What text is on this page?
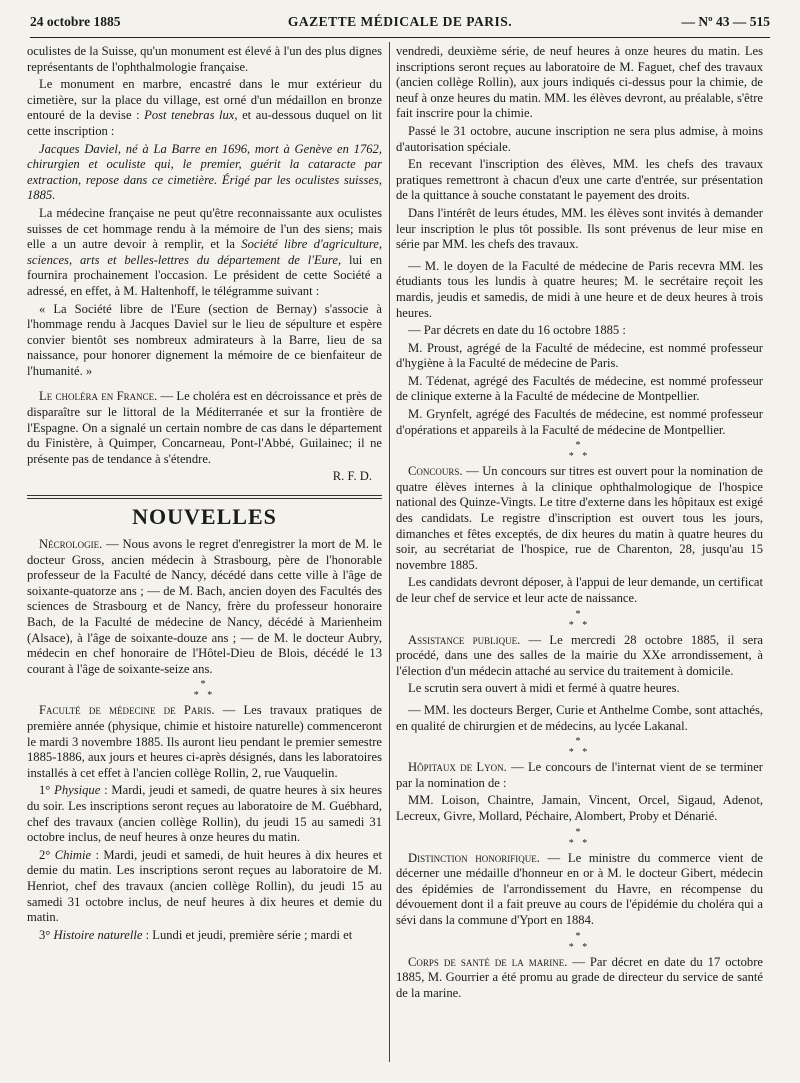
24 octobre 1885	GAZETTE MÉDICALE DE PARIS.	— Nº 43 — 515

oculistes de la Suisse, qu'un monument est élevé à l'un des plus dignes représentants de l'ophthalmologie française.

Le monument en marbre, encastré dans le mur extérieur du cimetière, sur la place du village, est orné d'un médaillon en bronze entouré de la devise : Post tenebras lux, et au-dessous duquel on lit cette inscription :

Jacques Daviel, né à La Barre en 1696, mort à Genève en 1762, chirurgien et oculiste qui, le premier, guérit la cataracte par extraction, repose dans ce cimetière. Érigé par les oculistes suisses, 1885.

La médecine française ne peut qu'être reconnaissante aux oculistes suisses de cet hommage rendu à la mémoire de l'un des siens; mais elle a un autre devoir à remplir, et la Société libre d'agriculture, sciences, arts et belles-lettres du département de l'Eure, lui en fournira prochainement l'occasion. Le président de cette Société a adressé, en effet, à M. Haltenhoff, le télégramme suivant :

« La Société libre de l'Eure (section de Bernay) s'associe à l'hommage rendu à Jacques Daviel sur le lieu de sépulture et espère convier bientôt ses nombreux admirateurs à la Barre, lieu de sa naissance, pour honorer dignement la mémoire de ce bienfaiteur de l'humanité. »

Le choléra en France. — Le choléra est en décroissance et près de disparaître sur le littoral de la Méditerranée et sur la frontière de l'Espagne. On a signalé un certain nombre de cas dans le département du Finistère, à Quimper, Concarneau, Pont-l'Abbé, Guilainec; il ne présente pas de tendance à s'étendre.

R. F. D.
NOUVELLES

Nécrologie. — Nous avons le regret d'enregistrer la mort de M. le docteur Gross, ancien médecin à Strasbourg, père de l'honorable professeur de la Faculté de Nancy, décédé dans cette ville à l'âge de soixante-quatorze ans ; — de M. Bach, ancien doyen des Facultés des sciences de Strasbourg et de Nancy, frère du professeur honoraire Bach, de la Faculté de médecine de Nancy, décédé à Marienheim (Alsace), à l'âge de soixante-douze ans ; — de M. le docteur Aubry, médecin en chef honoraire de l'Hôtel-Dieu de Blois, décédé le 13 courant à l'âge de soixante-seize ans.

*
* *

Faculté de médecine de Paris. — Les travaux pratiques de première année (physique, chimie et histoire naturelle) commenceront le mardi 3 novembre 1885. Ils auront lieu pendant le premier semestre 1885-1886, aux jours et heures ci-après désignés, dans les laboratoires installés à cet effet à l'ancien collège Rollin, 2, rue Vauquelin.

1° Physique : Mardi, jeudi et samedi, de quatre heures à six heures du soir. Les inscriptions seront reçues au laboratoire de M. Guébhard, chef des travaux (ancien collège Rollin), du jeudi 15 au samedi 31 octobre inclus, de neuf heures à onze heures du matin.

2° Chimie : Mardi, jeudi et samedi, de huit heures à dix heures et demie du matin. Les inscriptions seront reçues au laboratoire de M. Henriot, chef des travaux (ancien collège Rollin), du jeudi 15 au samedi 31 octobre inclus, de neuf heures à dix heures et demie du matin.

3° Histoire naturelle : Lundi et jeudi, première série ; mardi et

vendredi, deuxième série, de neuf heures à onze heures du matin. Les inscriptions seront reçues au laboratoire de M. Faguet, chef des travaux (ancien collège Rollin), aux jours indiqués ci-dessus pour la chimie, de neuf à onze heures du matin. MM. les élèves devront, au préalable, s'être fait inscrire pour la chimie.

Passé le 31 octobre, aucune inscription ne sera plus admise, à moins d'autorisation spéciale.

En recevant l'inscription des élèves, MM. les chefs des travaux pratiques remettront à chacun d'eux une carte d'entrée, sur présentation de la quittance à souche constatant le payement des droits.

Dans l'intérêt de leurs études, MM. les élèves sont invités à demander leur inscription le plus tôt possible. Ils sont prévenus de leur mise en série par MM. les chefs des travaux.

— M. le doyen de la Faculté de médecine de Paris recevra MM. les étudiants tous les lundis à quatre heures; M. le secrétaire reçoit les mardis, jeudis et samedis, de midi à une heure et de deux heures à trois heures.

— Par décrets en date du 16 octobre 1885 :

M. Proust, agrégé de la Faculté de médecine, est nommé professeur d'hygiène à la Faculté de médecine de Paris.

M. Tédenat, agrégé des Facultés de médecine, est nommé professeur de clinique externe à la Faculté de médecine de Montpellier.

M. Grynfelt, agrégé des Facultés de médecine, est nommé professeur d'opérations et appareils à la Faculté de médecine de Montpellier.

*
* *

Concours. — Un concours sur titres est ouvert pour la nomination de quatre élèves internes à la clinique ophthalmologique de l'hospice national des Quinze-Vingts. Le titre d'externe dans les hôpitaux est exigé des candidats. Le registre d'inscription est ouvert tous les jours, dimanches et fêtes exceptés, de dix heures du matin à quatre heures du soir, au secrétariat de l'hospice, rue de Charenton, 28, jusqu'au 15 novembre 1885.

Les candidats devront déposer, à l'appui de leur demande, un certificat de leur chef de service et leur acte de naissance.

*
* *

Assistance publique. — Le mercredi 28 octobre 1885, il sera procédé, dans une des salles de la mairie du XXe arrondissement, à l'élection d'un médecin attaché au service du traitement à domicile.

Le scrutin sera ouvert à midi et fermé à quatre heures.

— MM. les docteurs Berger, Curie et Anthelme Combe, sont attachés, en qualité de chirurgien et de médecins, au lycée Lakanal.

*
* *

Hôpitaux de Lyon. — Le concours de l'internat vient de se terminer par la nomination de :

MM. Loison, Chaintre, Jamain, Vincent, Orcel, Sigaud, Adenot, Lecreux, Givre, Mollard, Péchaire, Alombert, Proby et Dénarié.

*
* *

Distinction honorifique. — Le ministre du commerce vient de décerner une médaille d'honneur en or à M. le docteur Gibert, médecin des épidémies de l'arrondissement du Havre, en récompense du dévouement dont il a fait preuve au cours de l'épidémie du choléra qui a sévi dans la commune d'Yport en 1884.

*
* *

Corps de santé de la marine. — Par décret en date du 17 octobre 1885, M. Gourrier a été promu au grade de directeur du service de santé de la marine.
